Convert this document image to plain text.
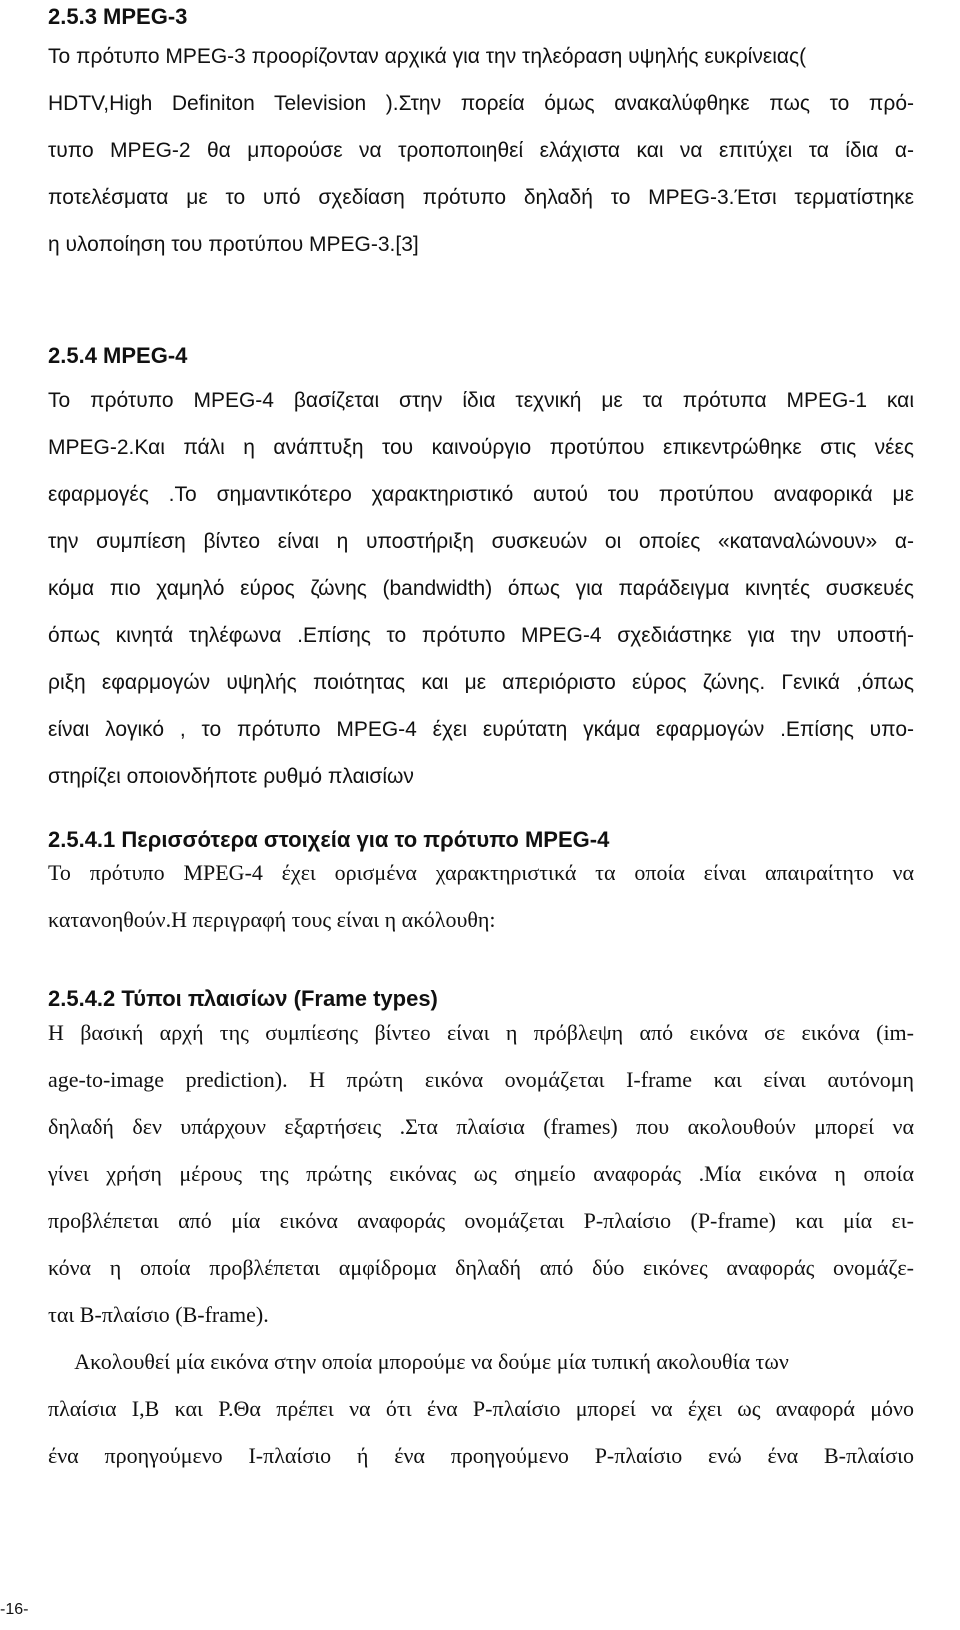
2.5.3 MPEG-3
Το πρότυπο MPEG-3 προορίζονταν αρχικά για την τηλεόραση υψηλής ευκρίνειας(
HDTV,High Definiton Television ).Στην πορεία όμως ανακαλύφθηκε πως το πρό-
τυπο MPEG-2 θα μπορούσε να τροποποιηθεί ελάχιστα και να επιτύχει τα ίδια α-
ποτελέσματα με το υπό σχεδίαση πρότυπο δηλαδή το MPEG-3.Έτσι τερματίστηκε
η υλοποίηση του προτύπου MPEG-3.[3]
2.5.4 MPEG-4
Το πρότυπο MPEG-4 βασίζεται στην ίδια τεχνική με τα πρότυπα MPEG-1 και
MPEG-2.Και πάλι η ανάπτυξη του καινούργιο προτύπου επικεντρώθηκε στις νέες
εφαρμογές .Το σημαντικότερο χαρακτηριστικό αυτού του προτύπου αναφορικά με
την συμπίεση βίντεο είναι η υποστήριξη συσκευών οι οποίες «καταναλώνουν» α-
κόμα πιο χαμηλό εύρος ζώνης (bandwidth) όπως για παράδειγμα κινητές συσκευές
όπως κινητά τηλέφωνα .Επίσης το πρότυπο MPEG-4 σχεδιάστηκε για την υποστή-
ριξη εφαρμογών υψηλής ποιότητας και με απεριόριστο εύρος ζώνης. Γενικά ,όπως
είναι λογικό , το πρότυπο MPEG-4 έχει ευρύτατη γκάμα εφαρμογών .Επίσης υπο-
στηρίζει οποιονδήποτε ρυθμό πλαισίων
2.5.4.1 Περισσότερα στοιχεία για το πρότυπο MPEG-4
Το πρότυπο MPEG-4 έχει ορισμένα χαρακτηριστικά τα οποία είναι απαιραίτητο να
κατανοηθούν.Η περιγραφή τους είναι η ακόλουθη:
2.5.4.2 Τύποι πλαισίων (Frame types)
Η βασική αρχή της συμπίεσης βίντεο είναι η πρόβλεψη από εικόνα σε εικόνα (im-
age-to-image prediction). Η πρώτη εικόνα ονομάζεται I-frame και είναι αυτόνομη
δηλαδή δεν υπάρχουν εξαρτήσεις .Στα πλαίσια (frames) που ακολουθούν μπορεί να
γίνει χρήση μέρους της πρώτης εικόνας ως σημείο αναφοράς .Μία εικόνα η οποία
προβλέπεται από μία εικόνα αναφοράς ονομάζεται P-πλαίσιο (P-frame) και μία ει-
κόνα η οποία προβλέπεται αμφίδρομα δηλαδή από δύο εικόνες αναφοράς ονομάζε-
ται B-πλαίσιο (B-frame).
Ακολουθεί μία εικόνα στην οποία μπορούμε να δούμε μία τυπική ακολουθία των
πλαίσια I,B και P.Θα πρέπει να ότι ένα P-πλαίσιο μπορεί να έχει ως αναφορά μόνο
ένα προηγούμενο I-πλαίσιο ή ένα προηγούμενο P-πλαίσιο ενώ ένα B-πλαίσιο
-16-
